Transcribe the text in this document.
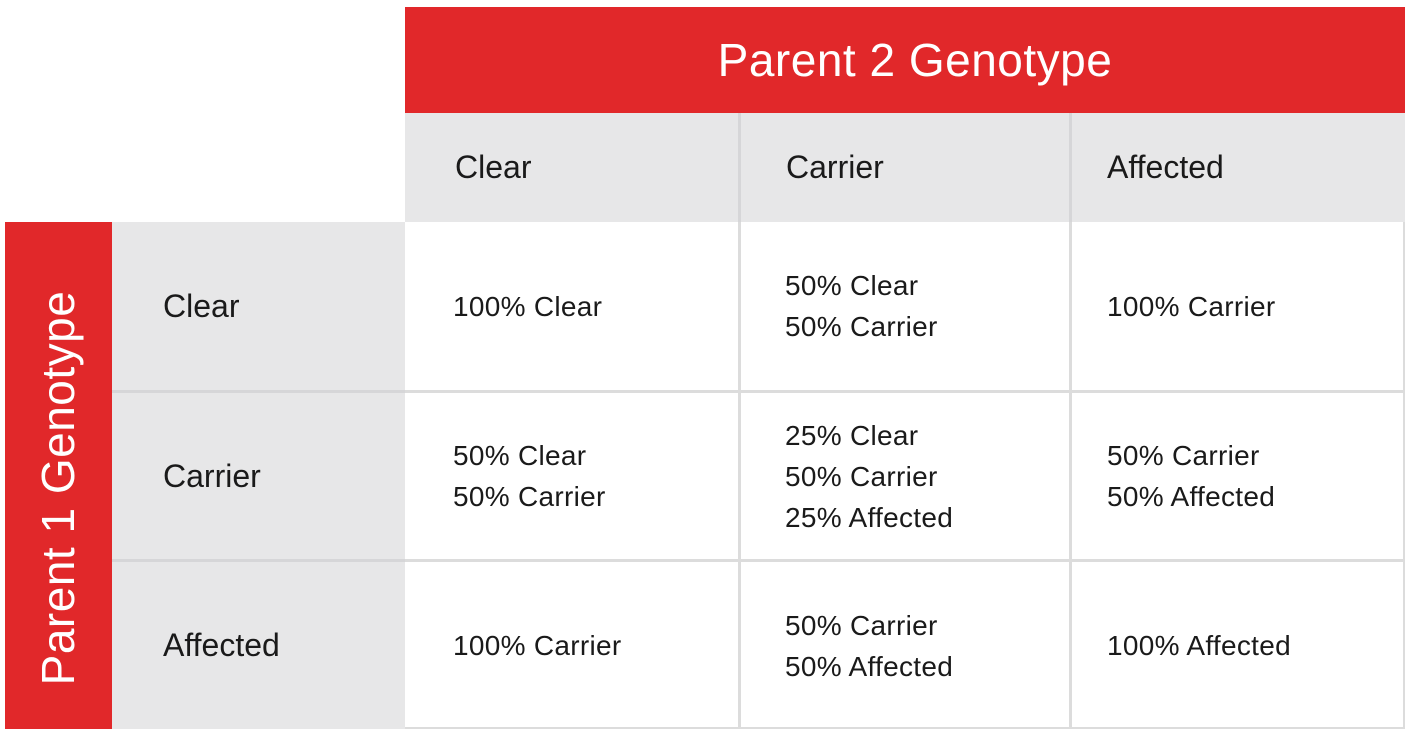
Parent 2 Genotype
Clear	Carrier	Affected
Parent 1 Genotype Clear
Carrier
Affected
100% Clear
50% Clear
50% Carrier
100% Carrier
50% Clear
50% Carrier
25% Clear
50% Carrier
25% Affected
50% Carrier
50% Affected
100% Carrier
50% Carrier
50% Affected
100% Affected
